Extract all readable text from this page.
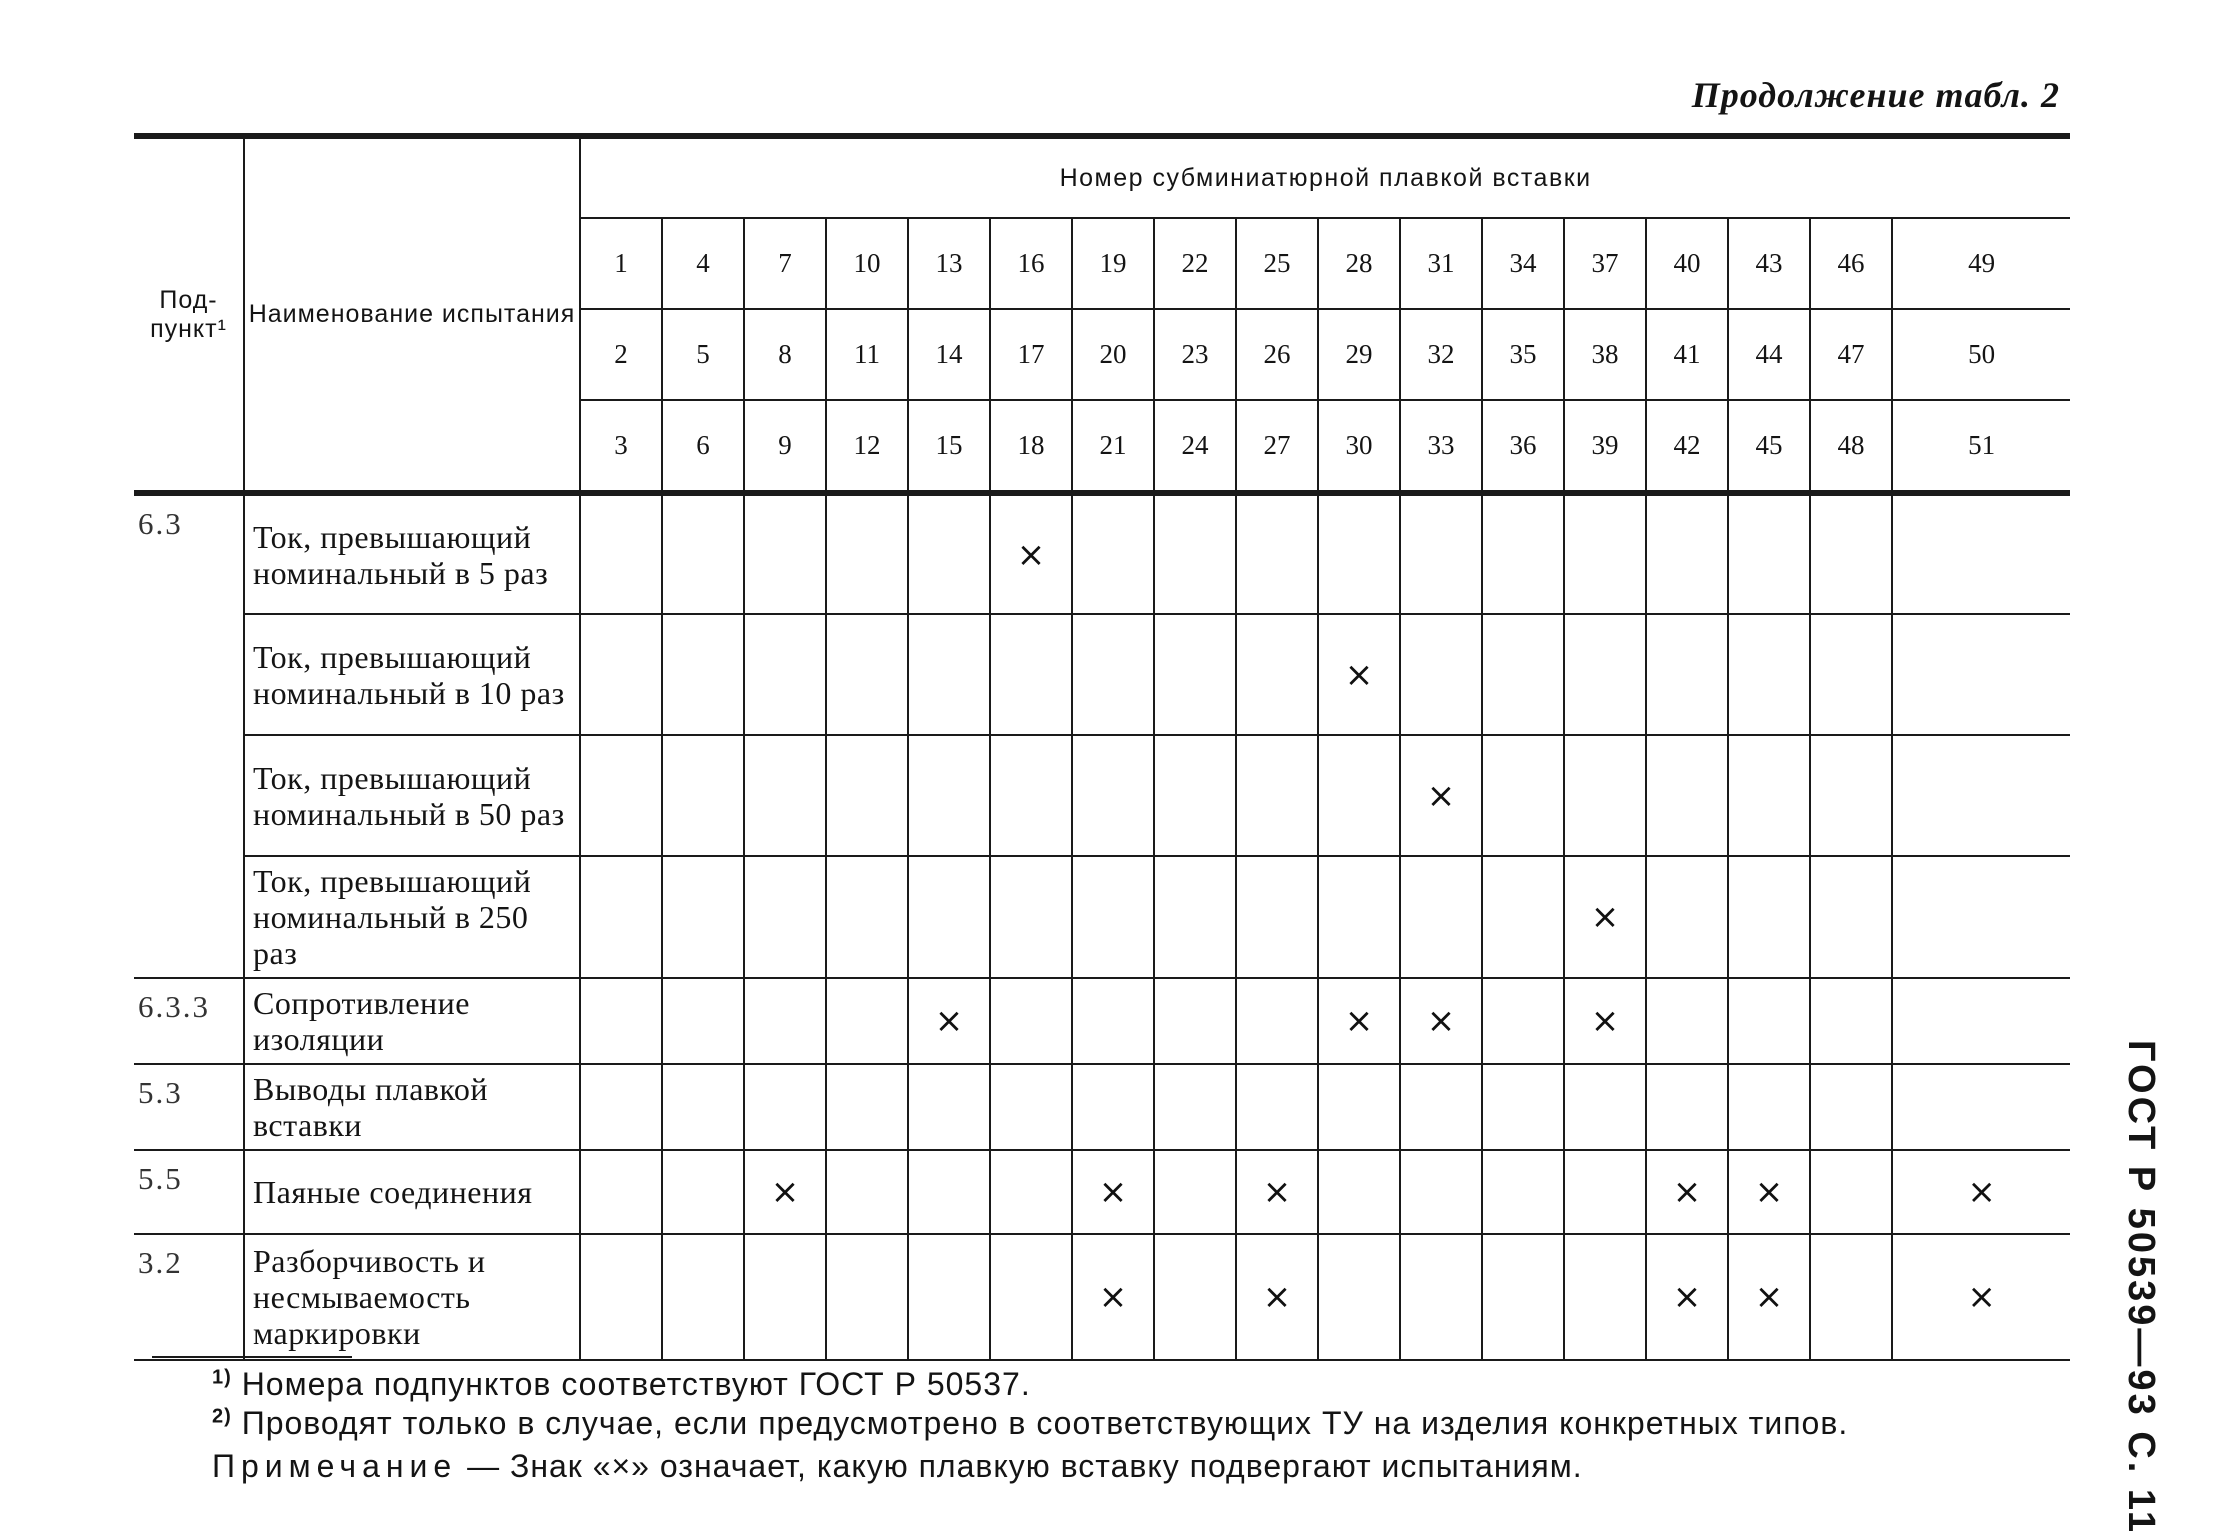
Продолжение табл. 2
Под-пункт¹	Наименование испытания	Номер субминиатюрной плавкой вставки																
		1	4	7	10	13	16	19	22	25	28	31	34	37	40	43	46	49
		2	5	8	11	14	17	20	23	26	29	32	35	38	41	44	47	50
		3	6	9	12	15	18	21	24	27	30	33	36	39	42	45	48	51
6.3	Ток, превышающий номинальный в 5 раз						×											
	Ток, превышающий номинальный в 10 раз										×							
	Ток, превышающий номинальный в 50 раз											×						
	Ток, превышающий номинальный в 250 раз													×				
6.3.3	Сопротивление изоляции					×					×	×		×				
5.3	Выводы плавкой вставки																	
5.5	Паяные соединения			×				×		×					×	×		×
3.2	Разборчивость и несмываемость маркировки							×		×					×	×		×
$^{1)}$ Номера подпунктов соответствуют ГОСТ Р 50537.
$^{2)}$ Проводят только в случае, если предусмотрено в соответствующих ТУ на изделия конкретных типов.
Примечание — Знак «×» означает, какую плавкую вставку подвергают испытаниям.	ГОСТ Р 50539—93 С. 11
